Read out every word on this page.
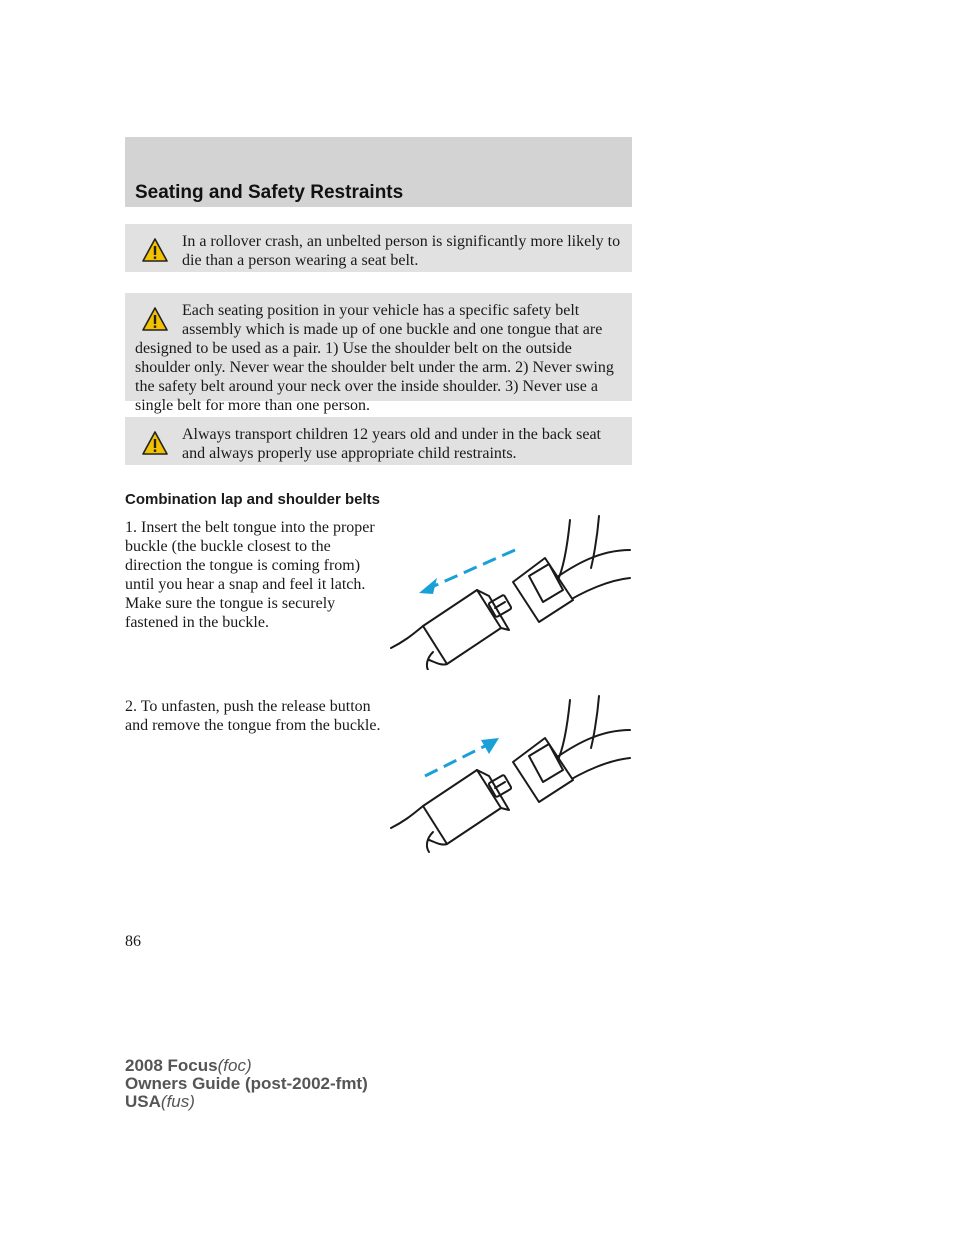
Seating and Safety Restraints

In a rollover crash, an unbelted person is significantly more likely to die than a person wearing a seat belt.

Each seating position in your vehicle has a specific safety belt assembly which is made up of one buckle and one tongue that are designed to be used as a pair. 1) Use the shoulder belt on the outside shoulder only. Never wear the shoulder belt under the arm. 2) Never swing the safety belt around your neck over the inside shoulder. 3) Never use a single belt for more than one person.

Always transport children 12 years old and under in the back seat and always properly use appropriate child restraints.

Combination lap and shoulder belts

1. Insert the belt tongue into the proper buckle (the buckle closest to the direction the tongue is coming from) until you hear a snap and feel it latch. Make sure the tongue is securely fastened in the buckle.

2. To unfasten, push the release button and remove the tongue from the buckle.

86

2008 Focus(foc)
Owners Guide (post-2002-fmt)
USA(fus)
